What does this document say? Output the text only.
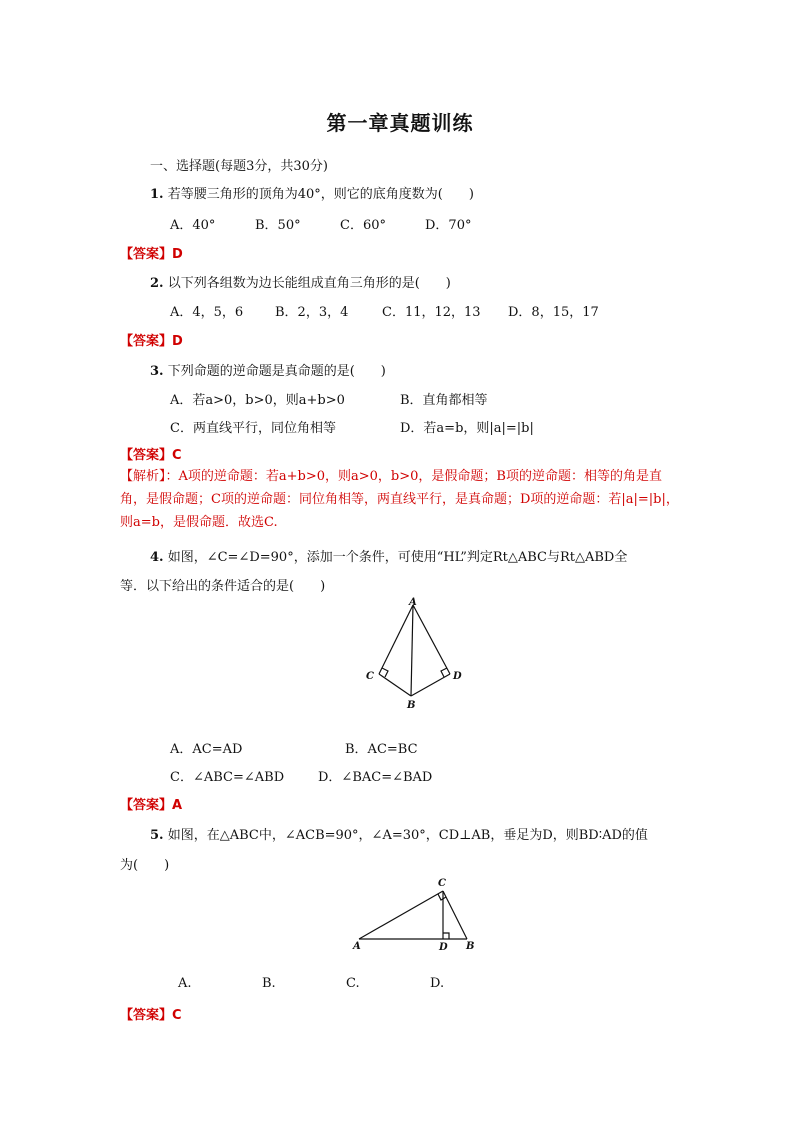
第一章真题训练
一、选择题(每题3分，共30分)
1. 若等腰三角形的顶角为40°，则它的底角度数为(　　)
A．40°	B．50°	C．60°	D．70°
【答案】D
2. 以下列各组数为边长能组成直角三角形的是(　　)
A．4，5，6 B．2，3，4	C．11，12，13 D．8，15，17
【答案】D
3. 下列命题的逆命题是真命题的是(　　)
A．若a>0，b>0，则a+b>0	B．直角都相等
C．两直线平行，同位角相等	D．若a=b，则|a|=|b|
【答案】C
【解析】：A项的逆命题：若a+b>0，则a>0，b>0，是假命题；B项的逆命题：相等的角是直角，是假命题；C项的逆命题：同位角相等，两直线平行，是真命题；D项的逆命题：若|a|=|b|，则a=b，是假命题．故选C.
4. 如图，∠C=∠D=90°，添加一个条件，可使用“HL”判定Rt△ABC与Rt△ABD全
等．以下给出的条件适合的是(　　)
A
C	D
B
A．AC=AD	B．AC=BC
C．∠ABC=∠ABD	D．∠BAC=∠BAD
【答案】A
5. 如图，在△ABC中，∠ACB=90°，∠A=30°，CD⊥AB，垂足为D，则BD∶AD的值
为(　　)
C
A	D B
A.	B.	C.	D.
【答案】C
